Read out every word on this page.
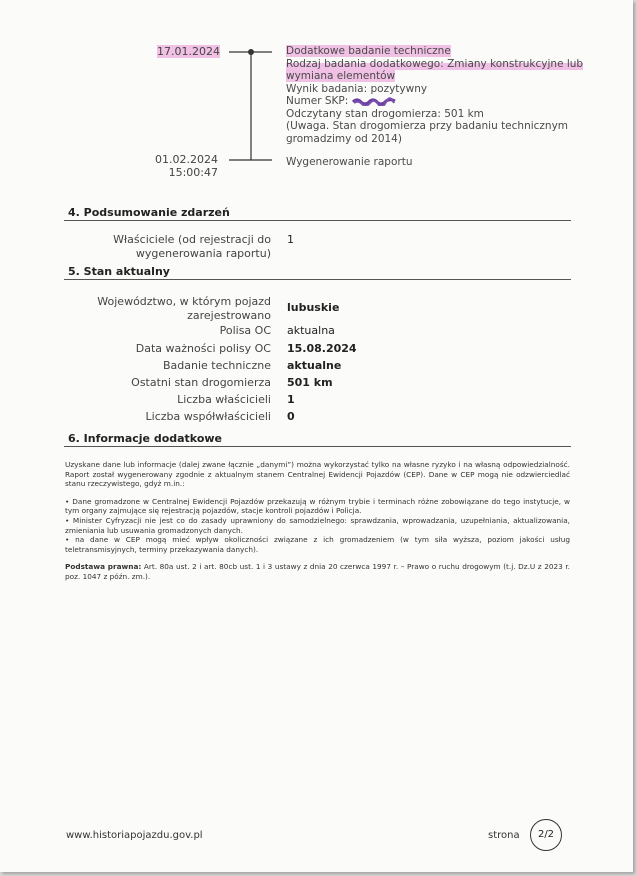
17.01.2024	Dodatkowe badanie techniczne
Rodzaj badania dodatkowego: Zmiany konstrukcyjne lub
wymiana elementów
Wynik badania: pozytywny
Numer SKP:
Odczytany stan drogomierza: 501 km
(Uwaga. Stan drogomierza przy badaniu technicznym
gromadzimy od 2014)
01.02.2024
15:00:47
Wygenerowanie raportu
4. Podsumowanie zdarzeń
Właściciele (od rejestracji do
wygenerowania raportu)
1
5. Stan aktualny
Województwo, w którym pojazd
zarejestrowano
lubuskie
Polisa OC aktualna
Data ważności polisy OC 15.08.2024
Badanie techniczne aktualne
Ostatni stan drogomierza 501 km
Liczba właścicieli 1
Liczba współwłaścicieli 0
6. Informacje dodatkowe

Uzyskane dane lub informacje (dalej zwane łącznie „danymi”) można wykorzystać tylko na własne ryzyko i na własną odpowiedzialność. Raport został wygenerowany zgodnie z aktualnym stanem Centralnej Ewidencji Pojazdów (CEP). Dane w CEP mogą nie odzwierciedlać stanu rzeczywistego, gdyż m.in.:

• Dane gromadzone w Centralnej Ewidencji Pojazdów przekazują w różnym trybie i terminach różne zobowiązane do tego instytucje, w tym organy zajmujące się rejestracją pojazdów, stacje kontroli pojazdów i Policja.

• Minister Cyfryzacji nie jest co do zasady uprawniony do samodzielnego: sprawdzania, wprowadzania, uzupełniania, aktualizowania, zmieniania lub usuwania gromadzonych danych.

• na dane w CEP mogą mieć wpływ okoliczności związane z ich gromadzeniem (w tym siła wyższa, poziom jakości usług teletransmisyjnych, terminy przekazywania danych).

Podstawa prawna: Art. 80a ust. 2 i art. 80cb ust. 1 i 3 ustawy z dnia 20 czerwca 1997 r. – Prawo o ruchu drogowym (t.j. Dz.U z 2023 r. poz. 1047 z późn. zm.).

www.historiapojazdu.gov.pl	strona	2/2
